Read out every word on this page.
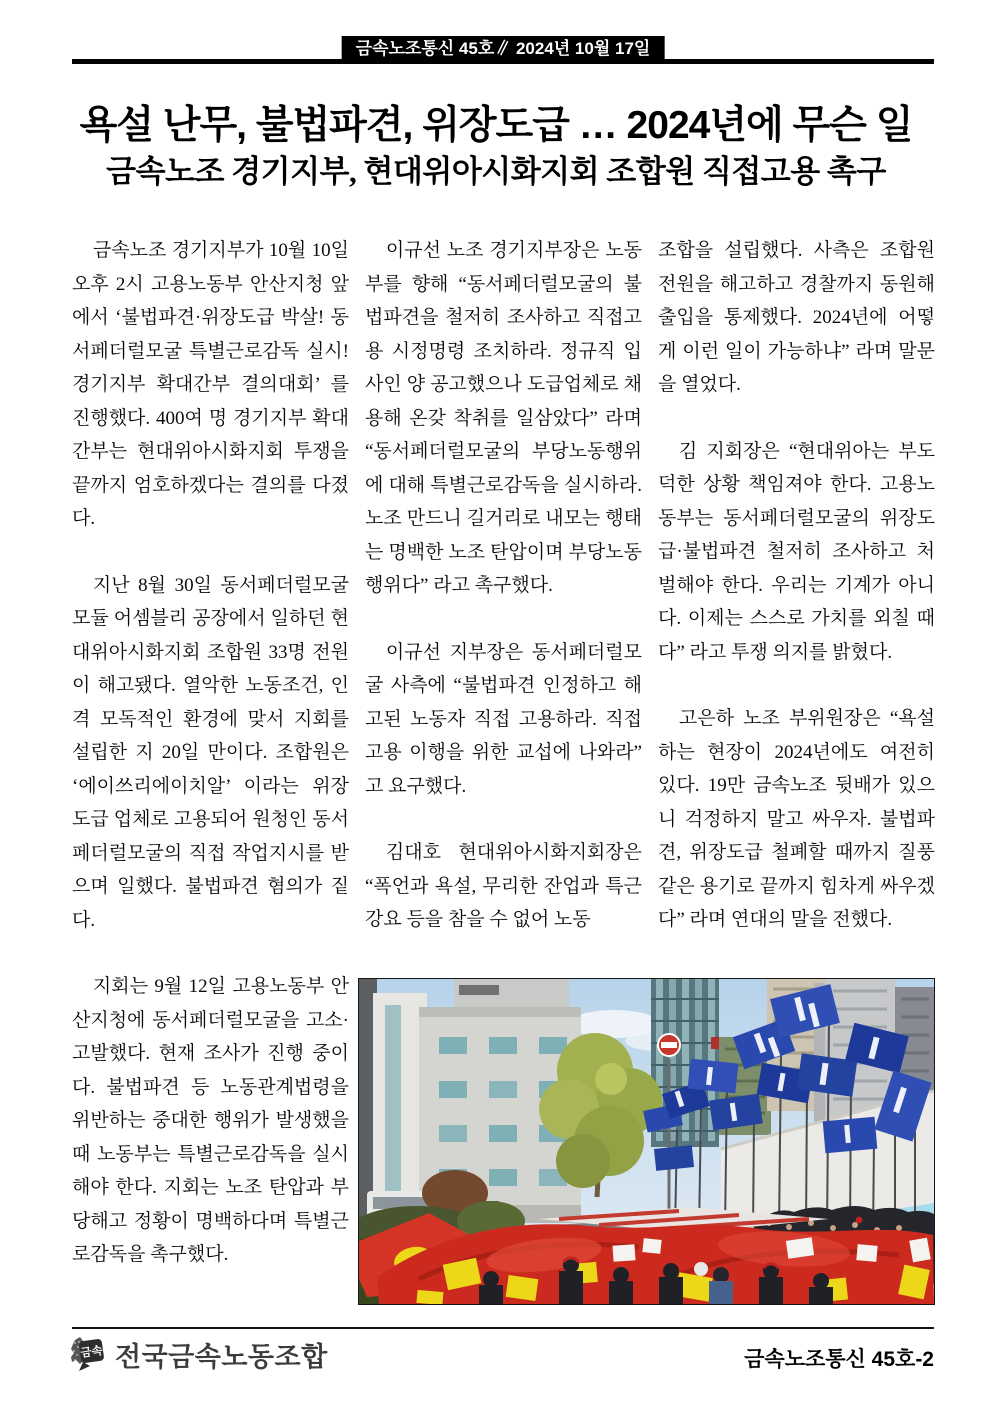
금속노조통신 45호∥ 2024년 10월 17일
욕설 난무, 불법파견, 위장도급 … 2024년에 무슨 일
금속노조 경기지부, 현대위아시화지회 조합원 직접고용 촉구

금속노조 경기지부가 10월 10일 오후 2시 고용노동부 안산지청 앞에서 ‘불법파견·위장도급 박살! 동서페더럴모굴 특별근로감독 실시! 경기지부 확대간부 결의대회’ 를 진행했다. 400여 명 경기지부 확대간부는 현대위아시화지회 투쟁을 끝까지 엄호하겠다는 결의를 다졌다.

지난 8월 30일 동서페더럴모굴 모듈 어셈블리 공장에서 일하던 현대위아시화지회 조합원 33명 전원이 해고됐다. 열악한 노동조건, 인격 모독적인 환경에 맞서 지회를 설립한 지 20일 만이다. 조합원은 ‘에이쓰리에이치알’ 이라는 위장도급 업체로 고용되어 원청인 동서페더럴모굴의 직접 작업지시를 받으며 일했다. 불법파견 혐의가 짙다.

지회는 9월 12일 고용노동부 안산지청에 동서페더럴모굴을 고소·고발했다. 현재 조사가 진행 중이다. 불법파견 등 노동관계법령을 위반하는 중대한 행위가 발생했을 때 노동부는 특별근로감독을 실시해야 한다. 지회는 노조 탄압과 부당해고 정황이 명백하다며 특별근로감독을 촉구했다.

이규선 노조 경기지부장은 노동부를 향해 “동서페더럴모굴의 불법파견을 철저히 조사하고 직접고용 시정명령 조치하라. 정규직 입사인 양 공고했으나 도급업체로 채용해 온갖 착취를 일삼았다” 라며 “동서페더럴모굴의 부당노동행위에 대해 특별근로감독을 실시하라. 노조 만드니 길거리로 내모는 행태는 명백한 노조 탄압이며 부당노동행위다” 라고 촉구했다.

이규선 지부장은 동서페더럴모굴 사측에 “불법파견 인정하고 해고된 노동자 직접 고용하라. 직접고용 이행을 위한 교섭에 나와라” 고 요구했다.

김대호 현대위아시화지회장은 “폭언과 욕설, 무리한 잔업과 특근 강요 등을 참을 수 없어 노동

조합을 설립했다. 사측은 조합원 전원을 해고하고 경찰까지 동원해 출입을 통제했다. 2024년에 어떻게 이런 일이 가능하냐” 라며 말문을 열었다.

김 지회장은 “현대위아는 부도덕한 상황 책임져야 한다. 고용노동부는 동서페더럴모굴의 위장도급·불법파견 철저히 조사하고 처벌해야 한다. 우리는 기계가 아니다. 이제는 스스로 가치를 외칠 때다” 라고 투쟁 의지를 밝혔다.

고은하 노조 부위원장은 “욕설하는 현장이 2024년에도 여전히 있다. 19만 금속노조 뒷배가 있으니 걱정하지 말고 싸우자. 불법파견, 위장도급 철폐할 때까지 질풍 같은 용기로 끝까지 힘차게 싸우겠다” 라며 연대의 말을 전했다.

금속 전국금속노동조합	금속노조통신 45호-2
